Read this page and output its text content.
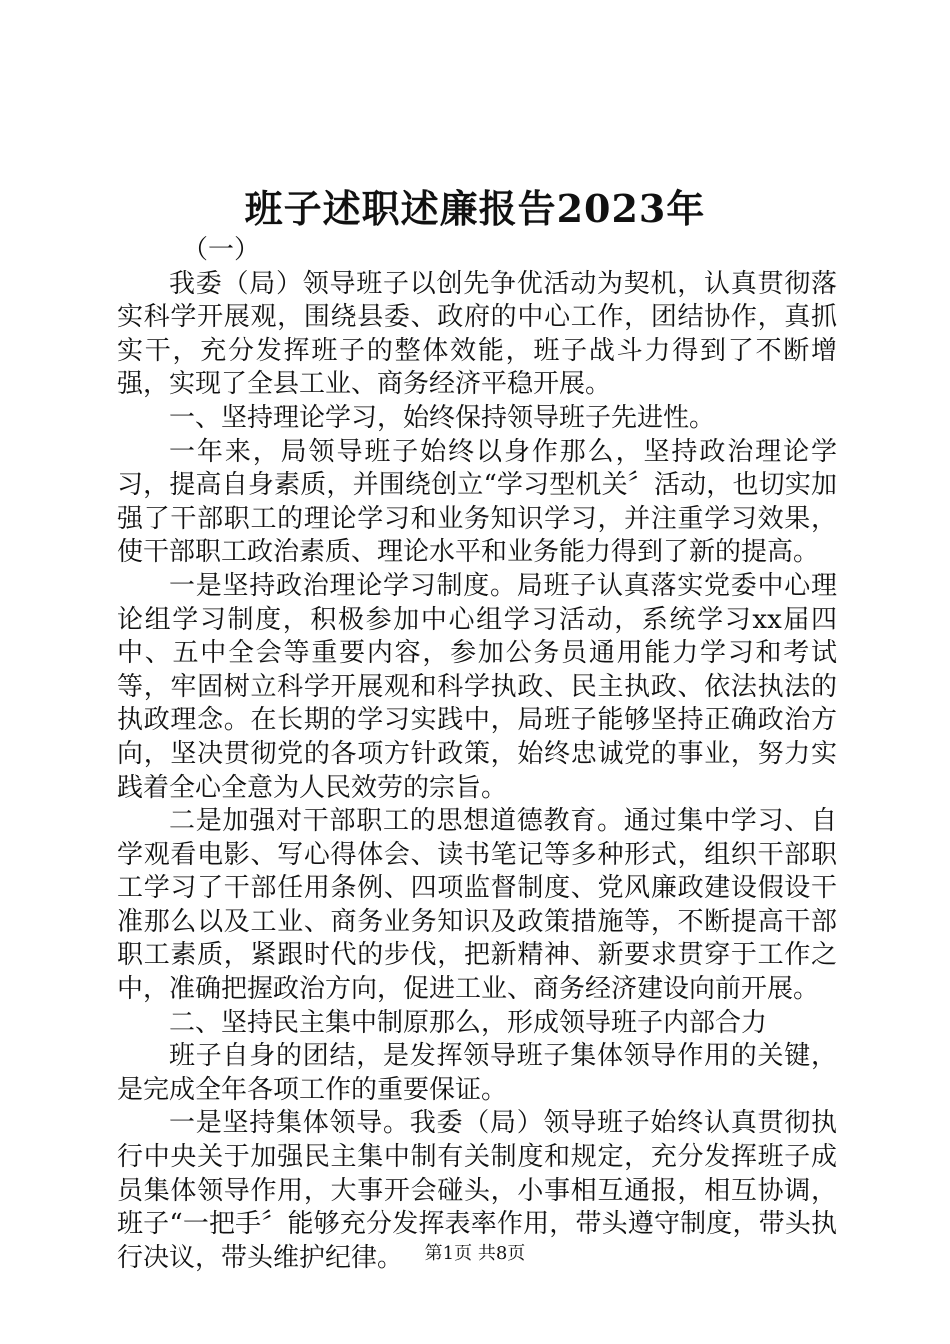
班子述职述廉报告2023年

（一）

我委（局）领导班子以创先争优活动为契机，认真贯彻落实科学开展观，围绕县委、政府的中心工作，团结协作，真抓实干，充分发挥班子的整体效能，班子战斗力得到了不断增强，实现了全县工业、商务经济平稳开展。

一、坚持理论学习，始终保持领导班子先进性。

一年来，局领导班子始终以身作那么，坚持政治理论学习，提高自身素质，并围绕创立“学习型机关〞活动，也切实加强了干部职工的理论学习和业务知识学习，并注重学习效果，使干部职工政治素质、理论水平和业务能力得到了新的提高。

一是坚持政治理论学习制度。局班子认真落实党委中心理论组学习制度，积极参加中心组学习活动，系统学习xx届四中、五中全会等重要内容，参加公务员通用能力学习和考试等，牢固树立科学开展观和科学执政、民主执政、依法执法的执政理念。在长期的学习实践中，局班子能够坚持正确政治方向，坚决贯彻党的各项方针政策，始终忠诚党的事业，努力实践着全心全意为人民效劳的宗旨。

二是加强对干部职工的思想道德教育。通过集中学习、自学观看电影、写心得体会、读书笔记等多种形式，组织干部职工学习了干部任用条例、四项监督制度、党风廉政建设假设干准那么以及工业、商务业务知识及政策措施等，不断提高干部职工素质，紧跟时代的步伐，把新精神、新要求贯穿于工作之中，准确把握政治方向，促进工业、商务经济建设向前开展。

二、坚持民主集中制原那么，形成领导班子内部合力

班子自身的团结，是发挥领导班子集体领导作用的关键，是完成全年各项工作的重要保证。

一是坚持集体领导。我委（局）领导班子始终认真贯彻执行中央关于加强民主集中制有关制度和规定，充分发挥班子成员集体领导作用，大事开会碰头，小事相互通报，相互协调，班子“一把手〞能够充分发挥表率作用，带头遵守制度，带头执行决议，带头维护纪律。	第1页 共8页
